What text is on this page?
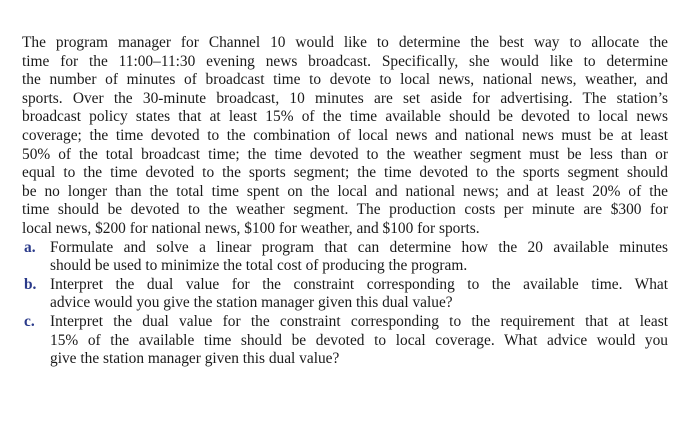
The program manager for Channel 10 would like to determine the best way to allocate the
time for the 11:00–11:30 evening news broadcast. Specifically, she would like to determine
the number of minutes of broadcast time to devote to local news, national news, weather, and
sports. Over the 30-minute broadcast, 10 minutes are set aside for advertising. The station’s
broadcast policy states that at least 15% of the time available should be devoted to local news
coverage; the time devoted to the combination of local news and national news must be at least
50% of the total broadcast time; the time devoted to the weather segment must be less than or
equal to the time devoted to the sports segment; the time devoted to the sports segment should
be no longer than the total time spent on the local and national news; and at least 20% of the
time should be devoted to the weather segment. The production costs per minute are $300 for
local news, $200 for national news, $100 for weather, and $100 for sports.
a. Formulate and solve a linear program that can determine how the 20 available minutes
should be used to minimize the total cost of producing the program.
b. Interpret the dual value for the constraint corresponding to the available time. What
advice would you give the station manager given this dual value?
c. Interpret the dual value for the constraint corresponding to the requirement that at least
15% of the available time should be devoted to local coverage. What advice would you
give the station manager given this dual value?
